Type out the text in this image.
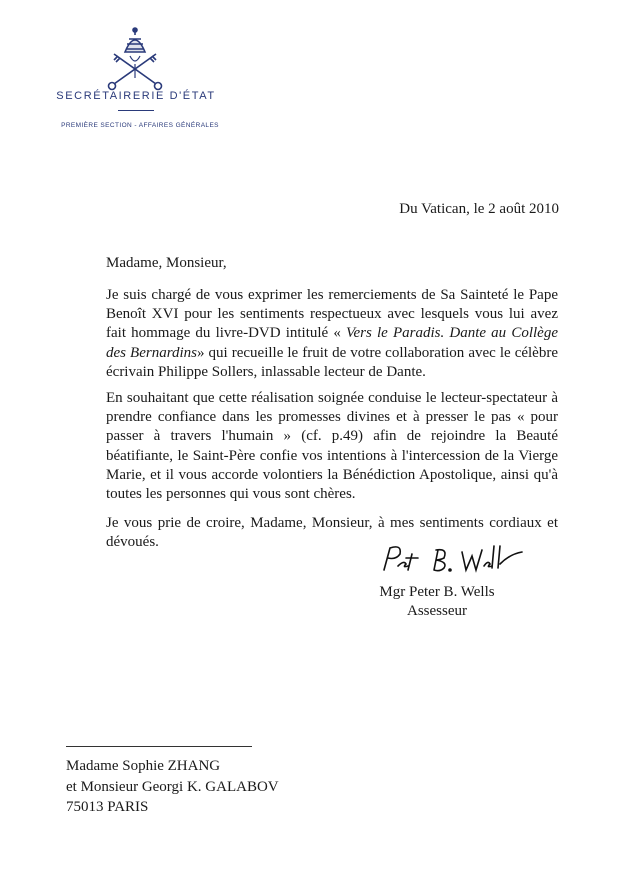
SECRÉTAIRERIE D'ÉTAT
PREMIÈRE SECTION - AFFAIRES GÉNÉRALES
Du Vatican, le 2 août 2010
Madame, Monsieur,

Je suis chargé de vous exprimer les remerciements de Sa Sainteté le Pape Benoît XVI pour les sentiments respectueux avec lesquels vous lui avez fait hommage du livre-DVD intitulé « Vers le Paradis. Dante au Collège des Bernardins» qui recueille le fruit de votre collaboration avec le célèbre écrivain Philippe Sollers, inlassable lecteur de Dante.

En souhaitant que cette réalisation soignée conduise le lecteur-spectateur à prendre confiance dans les promesses divines et à presser le pas « pour passer à travers l'humain » (cf. p.49) afin de rejoindre la Beauté béatifiante, le Saint-Père confie vos intentions à l'intercession de la Vierge Marie, et il vous accorde volontiers la Bénédiction Apostolique, ainsi qu'à toutes les personnes qui vous sont chères.

Je vous prie de croire, Madame, Monsieur, à mes sentiments cordiaux et dévoués.

Mgr Peter B. Wells
Assesseur
Madame Sophie ZHANG
et Monsieur Georgi K. GALABOV
75013 PARIS
